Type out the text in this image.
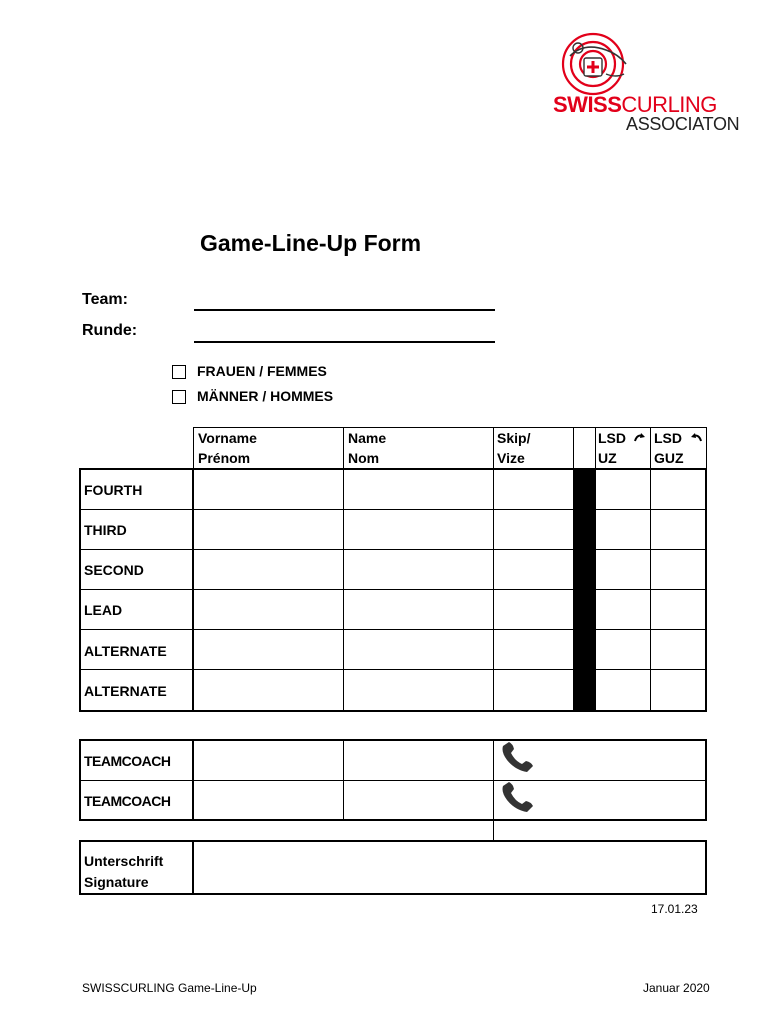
SWISSCURLING
ASSOCIATON
Game-Line-Up Form
Team:
Runde:
FRAUEN / FEMMES
MÄNNER / HOMMES
Vorname
Prénom
Name
Nom
Skip/
Vize
LSD
UZ
LSD
GUZ
FOURTH
THIRD
SECOND
LEAD
ALTERNATE
ALTERNATE
TEAMCOACH
TEAMCOACH
Unterschrift
Signature
17.01.23
SWISSCURLING Game-Line-Up	Januar 2020
